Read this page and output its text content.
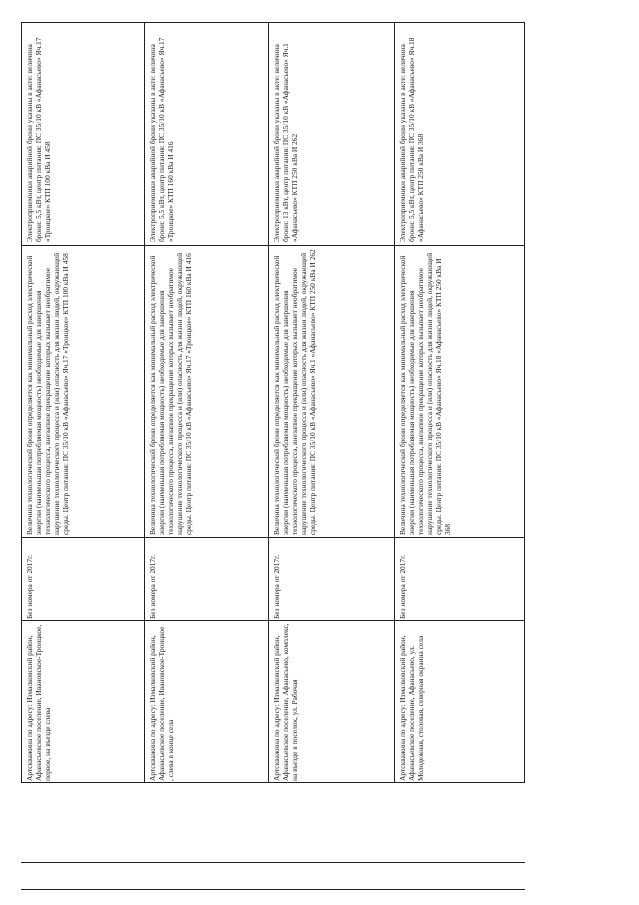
Электроприемники аварийной брони указаны в акте: величина брони: 5,5 кВт, центр питания: ПС 35/10 кВ «Афанасьево» Яч.17 «Троицкое» КТП 100 кВа И 458

Величина технологической брони определяется как минимальный расход электрической энергии (наименьшая потребляемая мощность) необходимые для завершения технологического процесса, внезапное прекращение которых вызывает необратимое нарушение технологического процесса и (или) опасность для жизни людей, окружающей среды. Центр питания: ПС 35/10 кВ «Афанасьево» Яч.17 «Троицкое» КТП 100 кВа И 458

Без номера от 2017г.

Артскважина по адресу: Измалковский район, Афанасьевское поселение, Ивановское-Троицкое, первое, на въезде слева

Электроприемники аварийной брони указаны в акте: величина брони: 5,5 кВт, центр питания: ПС 35/10 кВ «Афанасьево» Яч.17 «Троицкое» КТП 160 кВа И 416

Величина технологической брони определяется как минимальный расход электрической энергии (наименьшая потребляемая мощность) необходимые для завершения технологического процесса, внезапное прекращение которых вызывает необратимое нарушение технологического процесса и (или) опасность для жизни людей, окружающей среды. Центр питания: ПС 35/10 кВ «Афанасьево» Яч.17 «Троицкое» КТП 160 кВа И 416

Без номера от 2017г.

Артскважина по адресу: Измалковский район, Афанасьевское поселение, Ивановское-Троицкое , слева в конце села

Электроприемники аварийной брони указаны в акте: величина брони: 13 кВт, центр питания: ПС 35/10 кВ «Афанасьево» Яч.1 «Афанасьево» КТП 250 кВа И 262

Величина технологической брони определяется как минимальный расход электрической энергии (наименьшая потребляемая мощность) необходимые для завершения технологического процесса, внезапное прекращение которых вызывает необратимое нарушение технологического процесса и (или) опасность для жизни людей, окружающей среды. Центр питания: ПС 35/10 кВ «Афанасьево» Яч.1 «Афанасьево» КТП 250 кВа И 262

Без номера от 2017г.

Артскважина по адресу: Измалковский район, Афанасьевское поселение, Афанасьево, комплекс, на въезде в поселок, ул. Рабочая

Электроприемники аварийной брони указаны в акте: величина брони: 5,5 кВт, центр питания: ПС 35/10 кВ «Афанасьево» Яч.18 «Афанасьево» КТП 250 кВа И 368

Величина технологической брони определяется как минимальный расход электрической энергии (наименьшая потребляемая мощность) необходимые для завершения технологического процесса, внезапное прекращение которых вызывает необратимое нарушение технологического процесса и (или) опасность для жизни людей, окружающей среды. Центр питания: ПС 35/10 кВ «Афанасьево» Яч.18 «Афанасьево» КТП 250 кВа И 368

Без номера от 2017г.

Артскважина по адресу: Измалковский район, Афанасьевское поселение, Афанасьево, ул. Молодежная, столовая, северная окраина села
